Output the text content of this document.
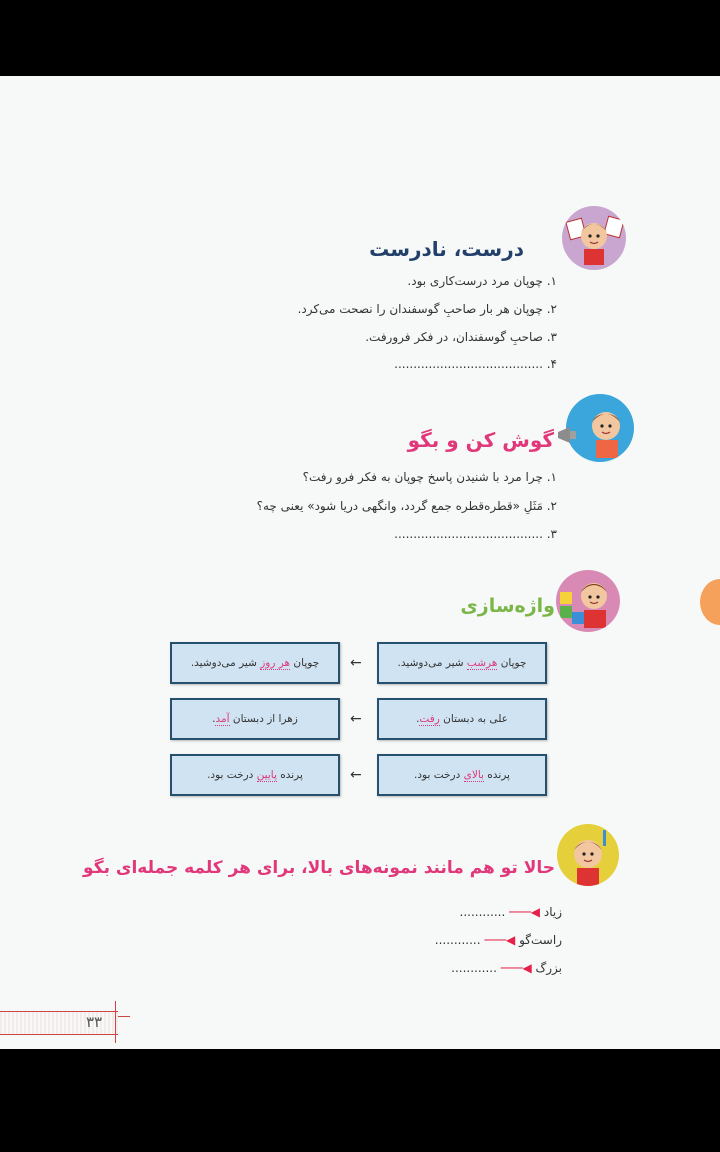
درست، نادرست
۱. چوپان مرد درست‌کاری بود.
۲. چوپان هر بار صاحبِ گوسفندان را نصحت می‌کرد.
۳. صاحبِ گوسفندان، در فکر فرورفت.
۴. .......................................
گوش کن و بگو
۱. چرا مرد با شنیدن پاسخ چوپان به فکر فرو رفت؟
۲. مَثَلِ «قطره‌قطره جمع گردد، وانگهی دریا شود» یعنی چه؟
۳. .......................................
واژه‌سازی
چوپان هرشب شیر می‌دوشید.
←
چوپان هر روز شیر می‌دوشید.
علی به دبستان رفت.
←
زهرا از دبستان آمد.
پرنده بالای درخت بود.
←
پرنده پایین درخت بود.
حالا تو هم مانند نمونه‌های بالا، برای هر کلمه جمله‌ای بگو
زیاد ◀─── ............
راست‌گو ◀─── ............
بزرگ ◀─── ............
۳۳
